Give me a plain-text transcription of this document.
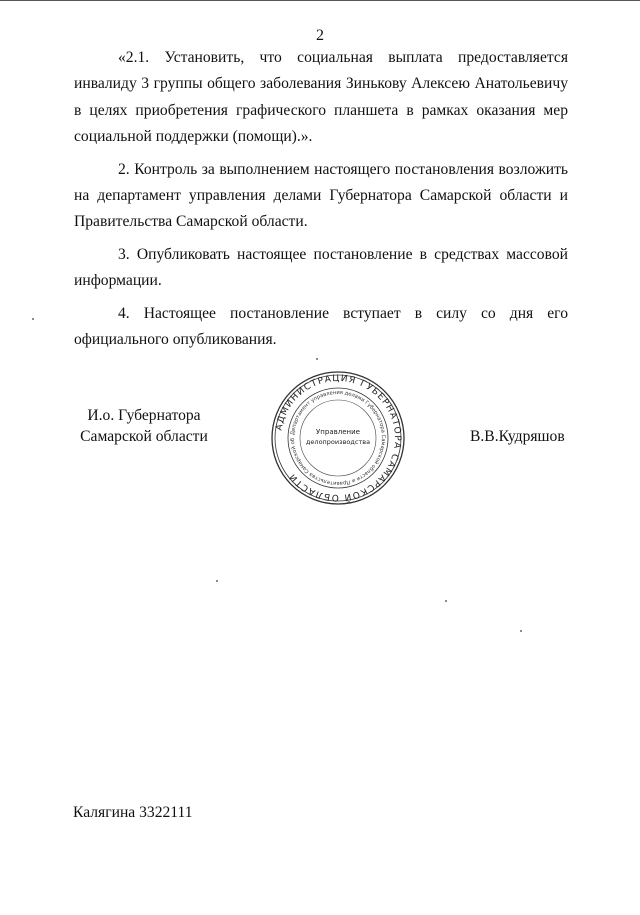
2

«2.1. Установить, что социальная выплата предоставляется инвалиду 3 группы общего заболевания Зинькову Алексею Анатольевичу в целях приобретения графического планшета в рамках оказания мер социальной поддержки (помощи).».

2. Контроль за выполнением настоящего постановления возложить на департамент управления делами Губернатора Самарской области и Правительства Самарской области.

3. Опубликовать настоящее постановление в средствах массовой информации.

4. Настоящее постановление вступает в силу со дня его официального опубликования.

И.о. Губернатора
Самарской области
АДМИНИСТРАЦИЯ ГУБЕРНАТОРА САМАРСКОЙ ОБЛАСТИ
Департамент управления делами Губернатора Самарской области и Правительства Самарской об
Управление
делопроизводства	В.В.Кудряшов
Калягина 3322111
